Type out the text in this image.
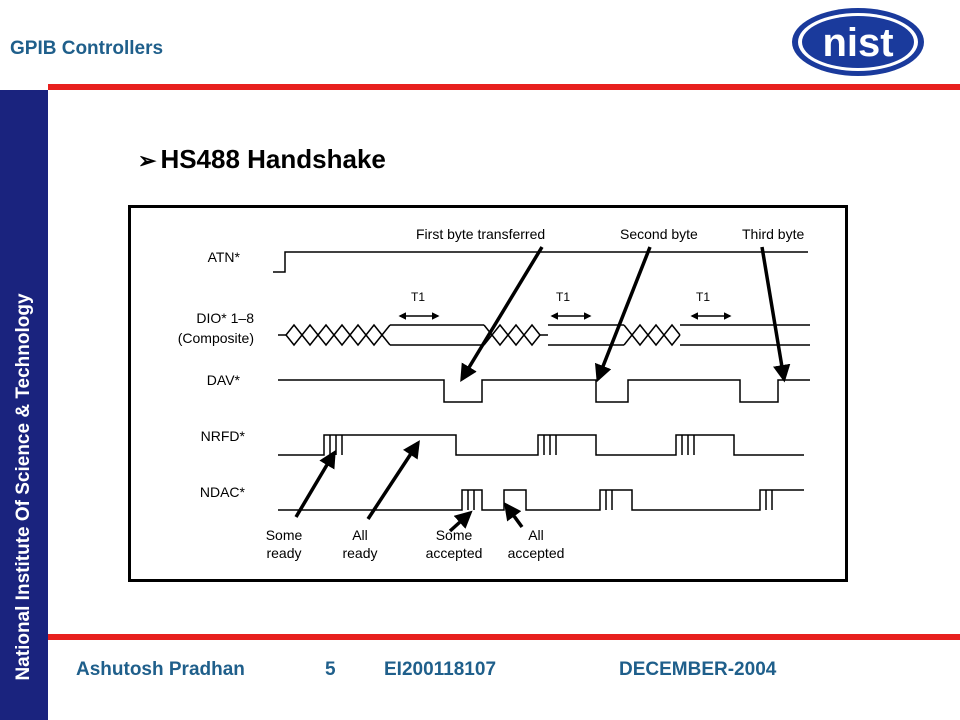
GPIB Controllers	nist
National Institute Of Science & Technology
➢ HS488 Handshake
ATN*
DIO* 1–8
(Composite)
DAV*
NRFD*
NDAC*
First byte transferred	Second byte	Third byte
T1	T1	T1
Some
ready
All
ready
Some
accepted
All
accepted
Ashutosh Pradhan	5	EI200118107	DECEMBER-2004
